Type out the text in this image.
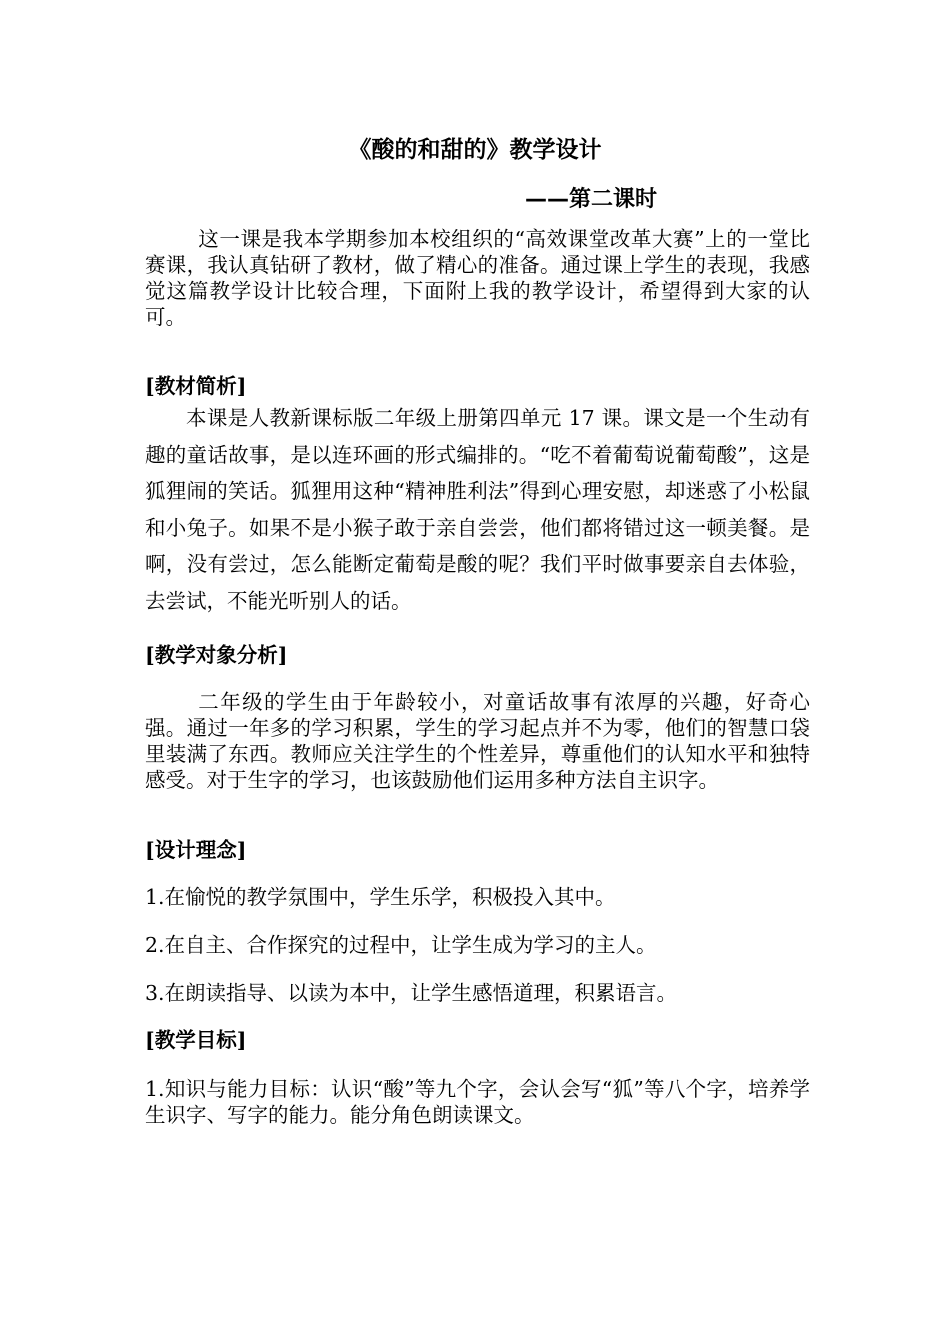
《酸的和甜的》教学设计
——第二课时

这一课是我本学期参加本校组织的“高效课堂改革大赛”上的一堂比赛课，我认真钻研了教材，做了精心的准备。通过课上学生的表现，我感觉这篇教学设计比较合理，下面附上我的教学设计，希望得到大家的认可。

[教材简析]

本课是人教新课标版二年级上册第四单元 17 课。课文是一个生动有趣的童话故事，是以连环画的形式编排的。“吃不着葡萄说葡萄酸”，这是狐狸闹的笑话。狐狸用这种“精神胜利法”得到心理安慰，却迷惑了小松鼠和小兔子。如果不是小猴子敢于亲自尝尝，他们都将错过这一顿美餐。是啊，没有尝过，怎么能断定葡萄是酸的呢？我们平时做事要亲自去体验，去尝试，不能光听别人的话。

[教学对象分析]

二年级的学生由于年龄较小，对童话故事有浓厚的兴趣，好奇心强。通过一年多的学习积累，学生的学习起点并不为零，他们的智慧口袋里装满了东西。教师应关注学生的个性差异，尊重他们的认知水平和独特感受。对于生字的学习，也该鼓励他们运用多种方法自主识字。

[设计理念]
1.在愉悦的教学氛围中，学生乐学，积极投入其中。
2.在自主、合作探究的过程中，让学生成为学习的主人。
3.在朗读指导、以读为本中，让学生感悟道理，积累语言。
[教学目标]
1.知识与能力目标：认识“酸”等九个字，会认会写“狐”等八个字，培养学生识字、写字的能力。能分角色朗读课文。
